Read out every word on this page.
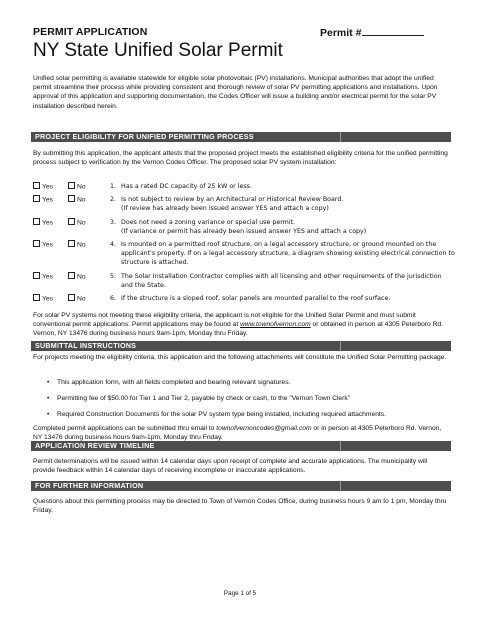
PERMIT APPLICATION	Permit #
NY State Unified Solar Permit
Unified solar permitting is available statewide for eligible solar photovoltaic (PV) installations. Municipal authorities that adopt the unified permit streamline their process while providing consistent and thorough review of solar PV permitting applications and installations. Upon approval of this application and supporting documentation, the Codes Officer will issue a building and/or electrical permit for the solar PV installation described herein.
PROJECT ELIGIBILITY FOR UNIFIED PERMITTING PROCESS
By submitting this application, the applicant attests that the proposed project meets the established eligibility criteria for the unified permitting process subject to verification by the Vernon Codes Officer. The proposed solar PV system installation:
Yes	No	1. Has a rated DC capacity of 25 kW or less.
Yes	No	2. Is not subject to review by an Architectural or Historical Review Board.
(If review has already been issued answer YES and attach a copy)
Yes	No	3. Does not need a zoning variance or special use permit.
(If variance or permit has already been issued answer YES and attach a copy)
Yes	No	4. Is mounted on a permitted roof structure, on a legal accessory structure, or ground mounted on the applicant's property. If on a legal accessory structure, a diagram showing existing electrical connection to structure is attached.
Yes	No	5. The Solar Installation Contractor complies with all licensing and other requirements of the jurisdiction and the State.
Yes	No	6. If the structure is a sloped roof, solar panels are mounted parallel to the roof surface.
For solar PV systems not meeting these eligibility criteria, the applicant is not eligible for the Unified Solar Permit and must submit conventional permit applications. Permit applications may be found at www.townofvernon.com or obtained in person at 4305 Peterboro Rd. Vernon, NY 13476 during business hours 9am-1pm, Monday thru Friday.
SUBMITTAL INSTRUCTIONS
For projects meeting the eligibility criteria, this application and the following attachments will constitute the Unified Solar Permitting package.
• This application form, with all fields completed and bearing relevant signatures.
• Permitting fee of $50.00 for Tier 1 and Tier 2, payable by check or cash, to the "Vernon Town Clerk"
• Required Construction Documents for the solar PV system type being installed, including required attachments.
Completed permit applications can be submitted thru email to townofvernoncodes@gmail.com or in person at 4305 Peterboro Rd. Vernon, NY 13476 during business hours 9am-1pm, Monday thru Friday.
APPLICATION REVIEW TIMELINE
Permit determinations will be issued within 14 calendar days upon receipt of complete and accurate applications. The municipality will provide feedback within 14 calendar days of receiving incomplete or inaccurate applications.
FOR FURTHER INFORMATION
Questions about this permitting process may be directed to Town of Vernon Codes Office, during business hours 9 am to 1 pm, Monday thru Friday.
Page 1 of 5
